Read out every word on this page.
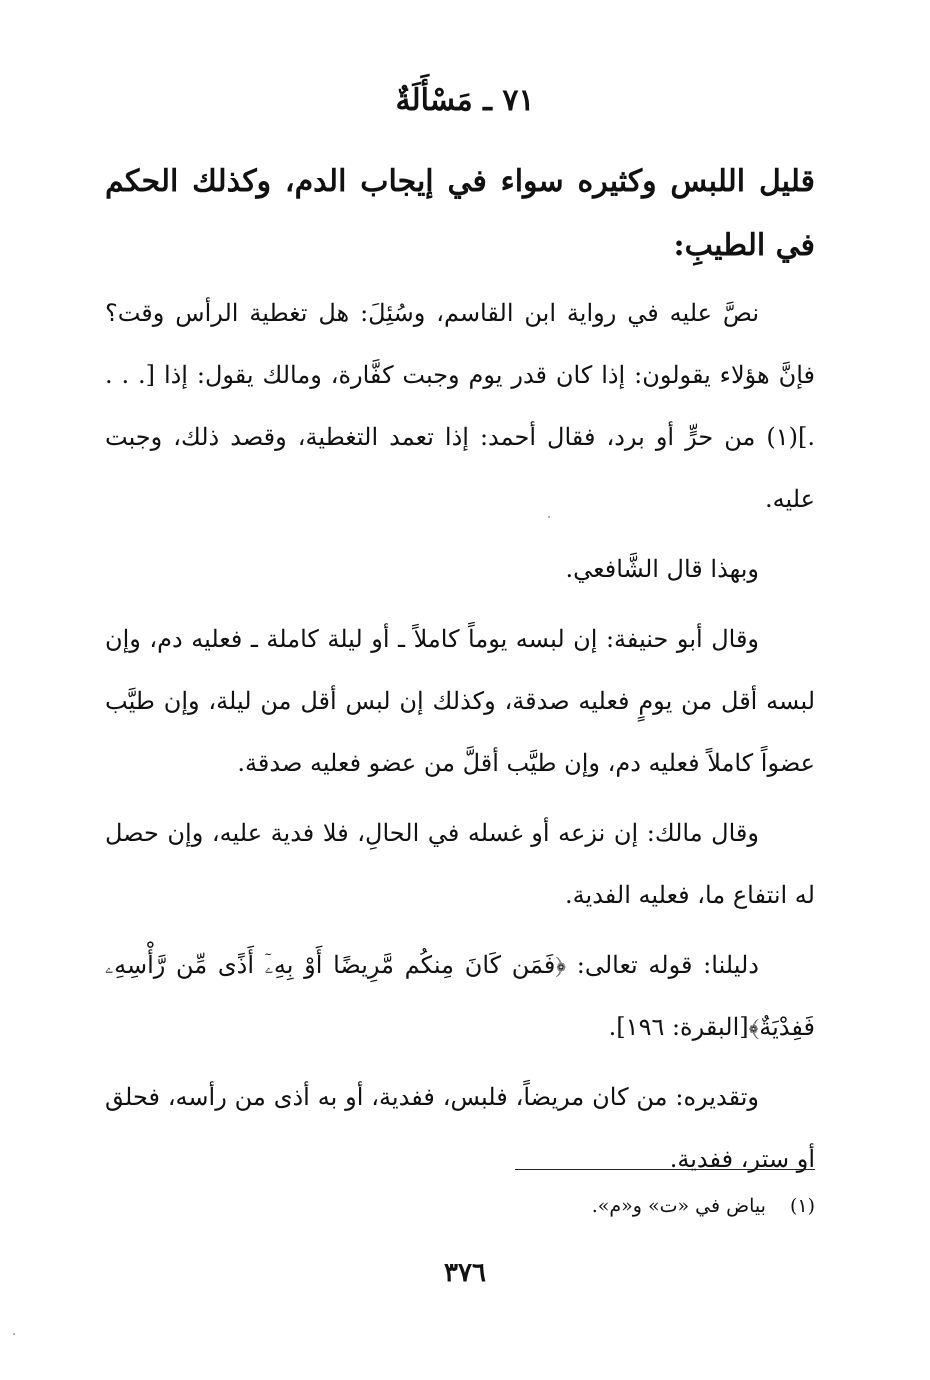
٧١ ـ مَسْأَلَةٌ
قليل اللبس وكثيره سواء في إيجاب الدم، وكذلك الحكم في الطيبِ:

نصَّ عليه في رواية ابن القاسم، وسُئِلَ: هل تغطية الرأس وقت؟ فإنَّ هؤلاء يقولون: إذا كان قدر يوم وجبت كفَّارة، ومالك يقول: إذا [. . . .](١) من حرٍّ أو برد، فقال أحمد: إذا تعمد التغطية، وقصد ذلك، وجبت عليه.

وبهذا قال الشَّافعي.

وقال أبو حنيفة: إن لبسه يوماً كاملاً ـ أو ليلة كاملة ـ فعليه دم، وإن لبسه أقل من يومٍ فعليه صدقة، وكذلك إن لبس أقل من ليلة، وإن طيَّب عضواً كاملاً فعليه دم، وإن طيَّب أقلَّ من عضو فعليه صدقة.

وقال مالك: إن نزعه أو غسله في الحالِ، فلا فدية عليه، وإن حصل له انتفاع ما، فعليه الفدية.

دليلنا: قوله تعالى: ﴿فَمَن كَانَ مِنكُم مَّرِيضًا أَوْ بِهِۦٓ أَذًى مِّن رَّأْسِهِۦ فَفِدْيَةٌ﴾[البقرة: ١٩٦].

وتقديره: من كان مريضاً، فلبس، ففدية، أو به أذى من رأسه، فحلق أو ستر، ففدية.

(١) بياض في «ت» و«م».

٣٧٦
